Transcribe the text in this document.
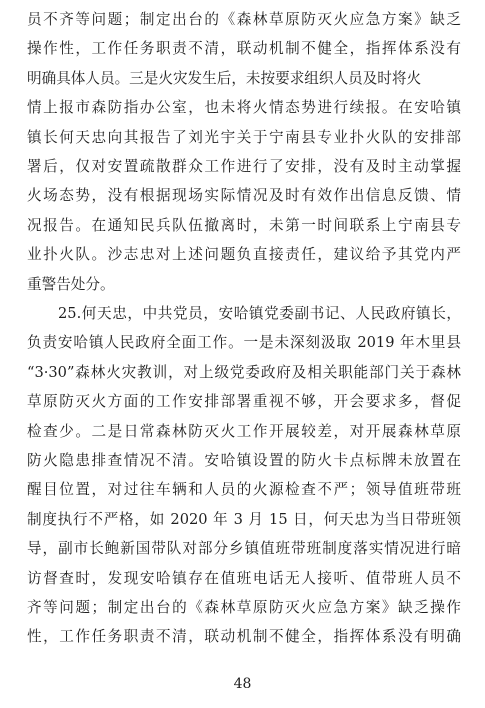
员不齐等问题；制定出台的《森林草原防灭火应急方案》缺乏
操作性，工作任务职责不清，联动机制不健全，指挥体系没有
明确具体人员。三是火灾发生后，未按要求组织人员及时将火
情上报市森防指办公室，也未将火情态势进行续报。在安哈镇
镇长何天忠向其报告了刘光宇关于宁南县专业扑火队的安排部
署后，仅对安置疏散群众工作进行了安排，没有及时主动掌握
火场态势，没有根据现场实际情况及时有效作出信息反馈、情
况报告。在通知民兵队伍撤离时，未第一时间联系上宁南县专
业扑火队。沙志忠对上述问题负直接责任，建议给予其党内严
重警告处分。
25.何天忠，中共党员，安哈镇党委副书记、人民政府镇长，
负责安哈镇人民政府全面工作。一是未深刻汲取 2019 年木里县
“3·30”森林火灾教训，对上级党委政府及相关职能部门关于森林
草原防灭火方面的工作安排部署重视不够，开会要求多，督促
检查少。二是日常森林防灭火工作开展较差，对开展森林草原
防火隐患排查情况不清。安哈镇设置的防火卡点标牌未放置在
醒目位置，对过往车辆和人员的火源检查不严；领导值班带班
制度执行不严格，如 2020 年 3 月 15 日，何天忠为当日带班领
导，副市长鲍新国带队对部分乡镇值班带班制度落实情况进行暗
访督查时，发现安哈镇存在值班电话无人接听、值带班人员不
齐等问题；制定出台的《森林草原防灭火应急方案》缺乏操作
性，工作任务职责不清，联动机制不健全，指挥体系没有明确
48
